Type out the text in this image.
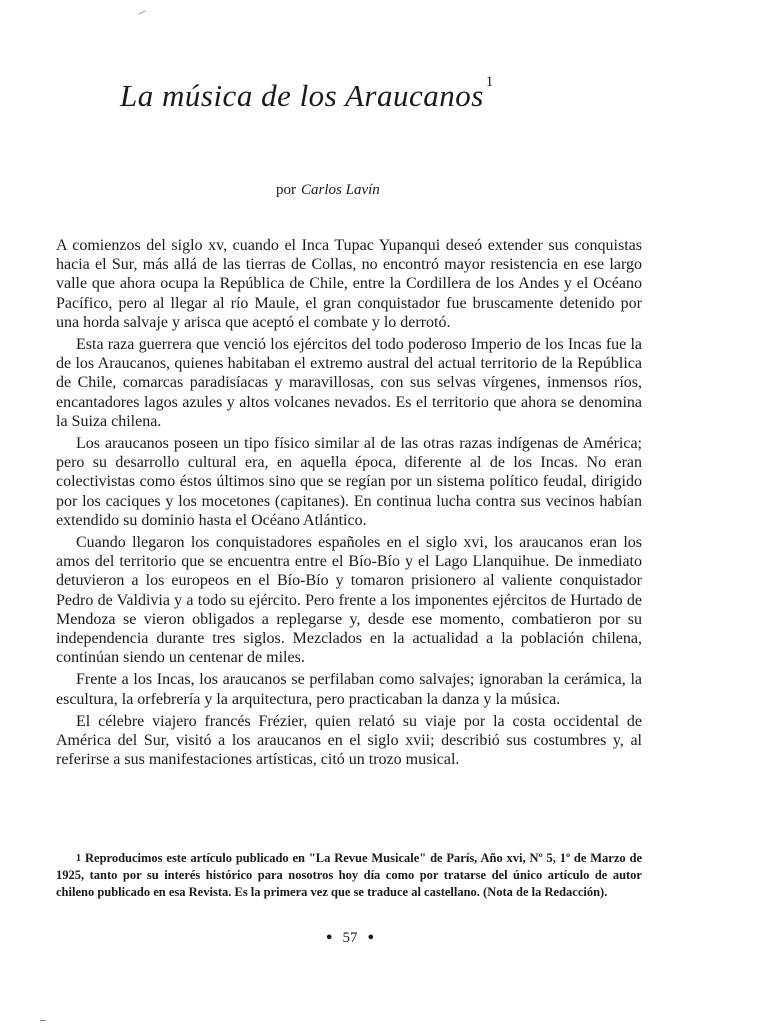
La música de los Araucanos $^1$
por Carlos Lavín

A comienzos del siglo xv, cuando el Inca Tupac Yupanqui deseó extender sus conquistas hacia el Sur, más allá de las tierras de Collas, no encontró mayor resistencia en ese largo valle que ahora ocupa la República de Chile, entre la Cordillera de los Andes y el Océano Pacífico, pero al llegar al río Maule, el gran conquistador fue bruscamente detenido por una horda salvaje y arisca que aceptó el combate y lo derrotó.

Esta raza guerrera que venció los ejércitos del todo poderoso Imperio de los Incas fue la de los Araucanos, quienes habitaban el extremo austral del actual territorio de la República de Chile, comarcas paradisíacas y maravillosas, con sus selvas vírgenes, inmensos ríos, encantadores lagos azules y altos volcanes nevados. Es el territorio que ahora se denomina la Suiza chilena.

Los araucanos poseen un tipo físico similar al de las otras razas indígenas de América; pero su desarrollo cultural era, en aquella época, diferente al de los Incas. No eran colectivistas como éstos últimos sino que se regían por un sistema político feudal, dirigido por los caciques y los mocetones (capitanes). En continua lucha contra sus vecinos habían extendido su dominio hasta el Océano Atlántico.

Cuando llegaron los conquistadores españoles en el siglo xvi, los araucanos eran los amos del territorio que se encuentra entre el Bío-Bío y el Lago Llanquihue. De inmediato detuvieron a los europeos en el Bío-Bío y tomaron prisionero al valiente conquistador Pedro de Valdivia y a todo su ejército. Pero frente a los imponentes ejércitos de Hurtado de Mendoza se vieron obligados a replegarse y, desde ese momento, combatieron por su independencia durante tres siglos. Mezclados en la actualidad a la población chilena, continúan siendo un centenar de miles.

Frente a los Incas, los araucanos se perfilaban como salvajes; ignoraban la cerámica, la escultura, la orfebrería y la arquitectura, pero practicaban la danza y la música.

El célebre viajero francés Frézier, quien relató su viaje por la costa occidental de América del Sur, visitó a los araucanos en el siglo xvii; describió sus costumbres y, al referirse a sus manifestaciones artísticas, citó un trozo musical.

$^1$ Reproducimos este artículo publicado en "La Revue Musicale" de París, Año xvi, Nº 5, 1º de Marzo de 1925, tanto por su interés histórico para nosotros hoy día como por tratarse del único artículo de autor chileno publicado en esa Revista. Es la primera vez que se traduce al castellano. (Nota de la Redacción).

● 57 ●
